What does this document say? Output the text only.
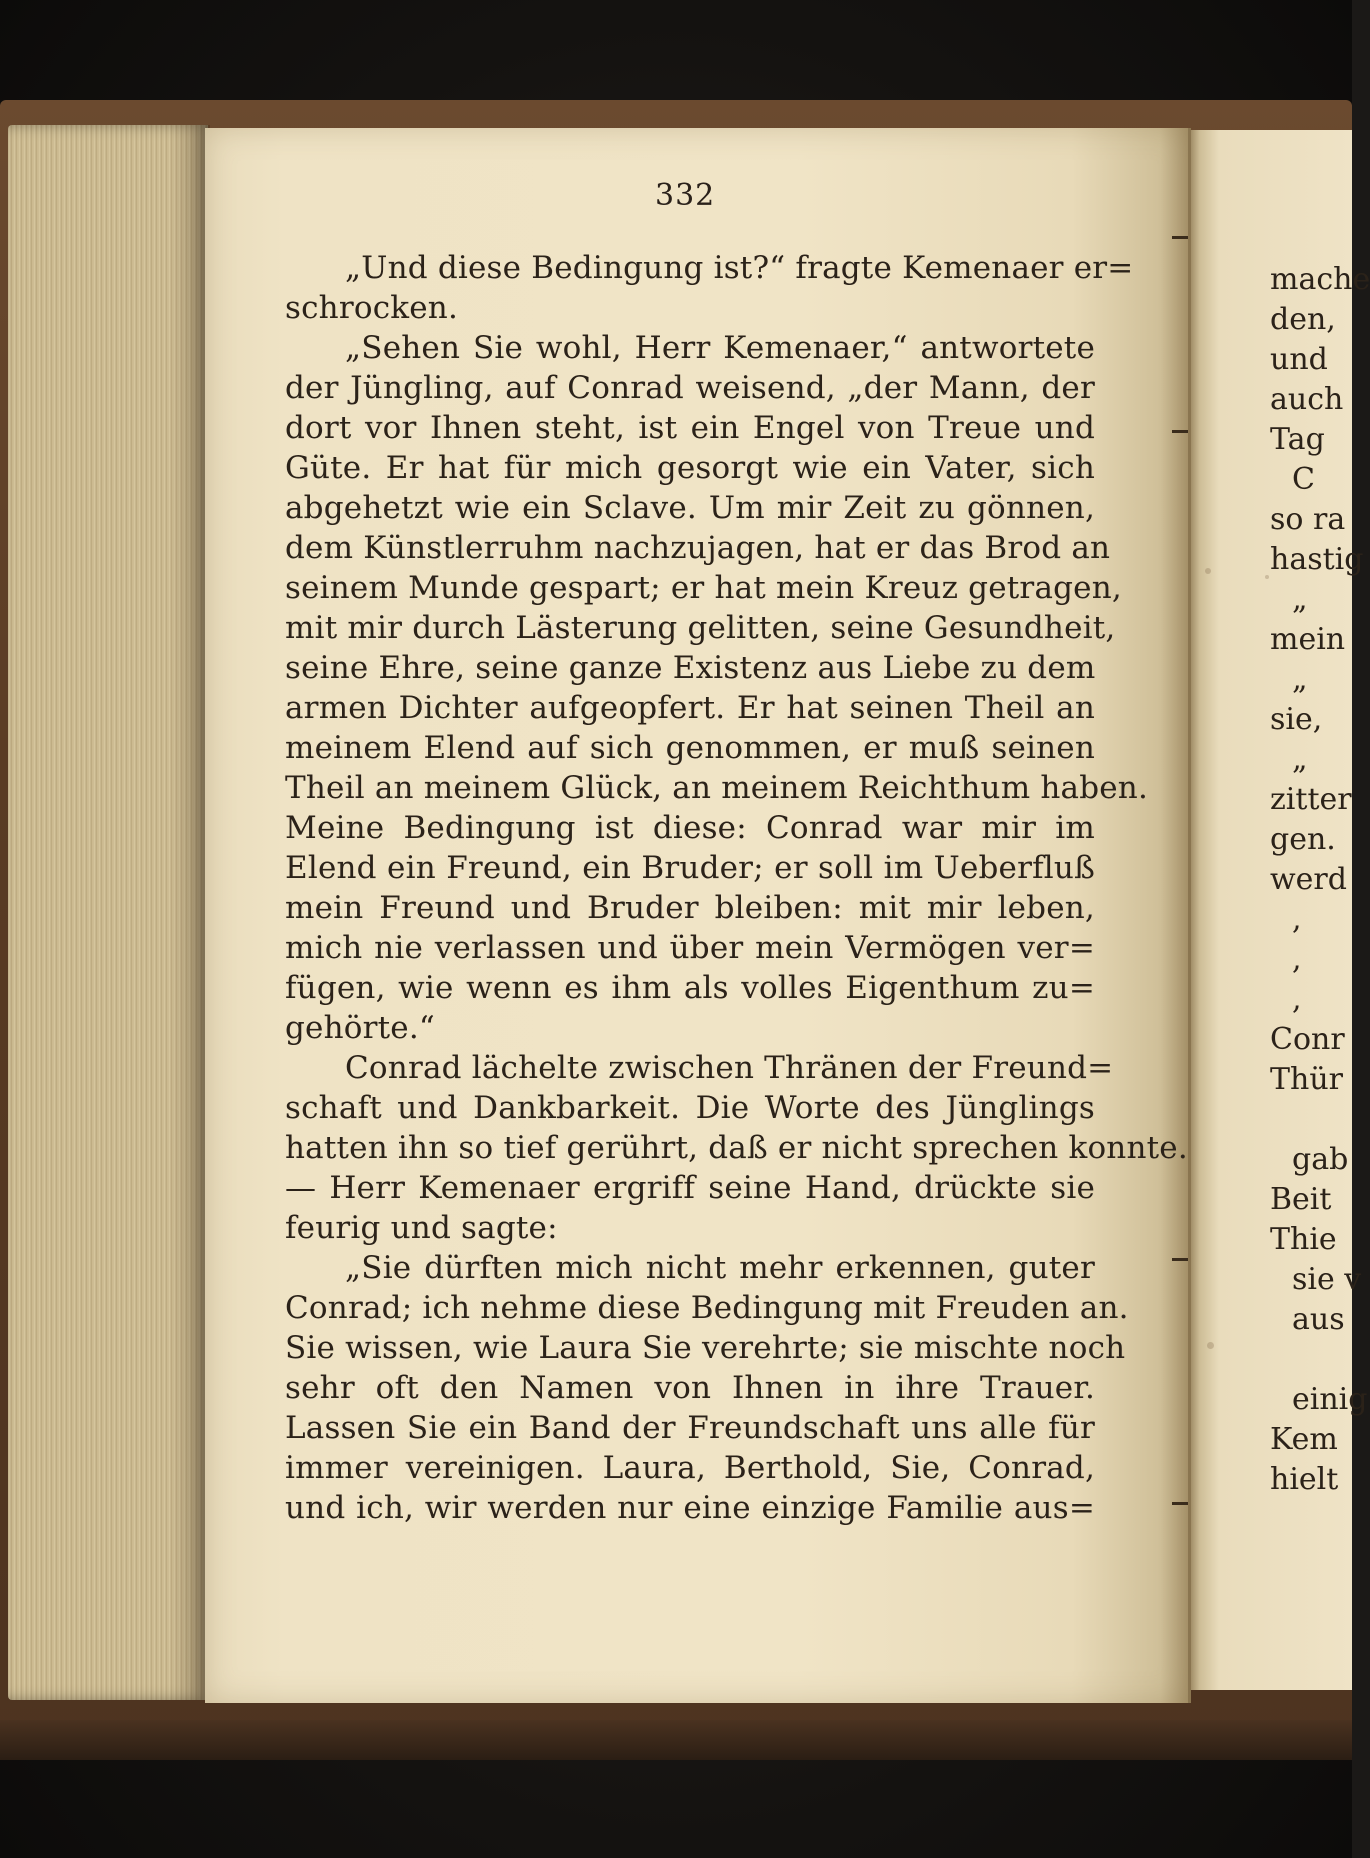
332
„Und diese Bedingung ist?“ fragte Kemenaer er=
schrocken.
„Sehen Sie wohl, Herr Kemenaer,“ antwortete
der Jüngling, auf Conrad weisend, „der Mann, der
dort vor Ihnen steht, ist ein Engel von Treue und
Güte. Er hat für mich gesorgt wie ein Vater, sich
abgehetzt wie ein Sclave. Um mir Zeit zu gönnen,
dem Künstlerruhm nachzujagen, hat er das Brod an
seinem Munde gespart; er hat mein Kreuz getragen,
mit mir durch Lästerung gelitten, seine Gesundheit,
seine Ehre, seine ganze Existenz aus Liebe zu dem
armen Dichter aufgeopfert. Er hat seinen Theil an
meinem Elend auf sich genommen, er muß seinen
Theil an meinem Glück, an meinem Reichthum haben.
Meine Bedingung ist diese: Conrad war mir im
Elend ein Freund, ein Bruder; er soll im Ueberfluß
mein Freund und Bruder bleiben: mit mir leben,
mich nie verlassen und über mein Vermögen ver=
fügen, wie wenn es ihm als volles Eigenthum zu=
gehörte.“
Conrad lächelte zwischen Thränen der Freund=
schaft und Dankbarkeit. Die Worte des Jünglings
hatten ihn so tief gerührt, daß er nicht sprechen konnte.
— Herr Kemenaer ergriff seine Hand, drückte sie
feurig und sagte:
„Sie dürften mich nicht mehr erkennen, guter
Conrad; ich nehme diese Bedingung mit Freuden an.
Sie wissen, wie Laura Sie verehrte; sie mischte noch
sehr oft den Namen von Ihnen in ihre Trauer.
Lassen Sie ein Band der Freundschaft uns alle für
immer vereinigen. Laura, Berthold, Sie, Conrad,
und ich, wir werden nur eine einzige Familie aus=
mache
den,
und
auch
Tag
C
so ra
hastig
„
mein
„
sie,
„
zitter
gen.
werd
,
,
,
Conr
Thür
gab
Beit
Thie
sie v
aus
einig
Kem
hielt
